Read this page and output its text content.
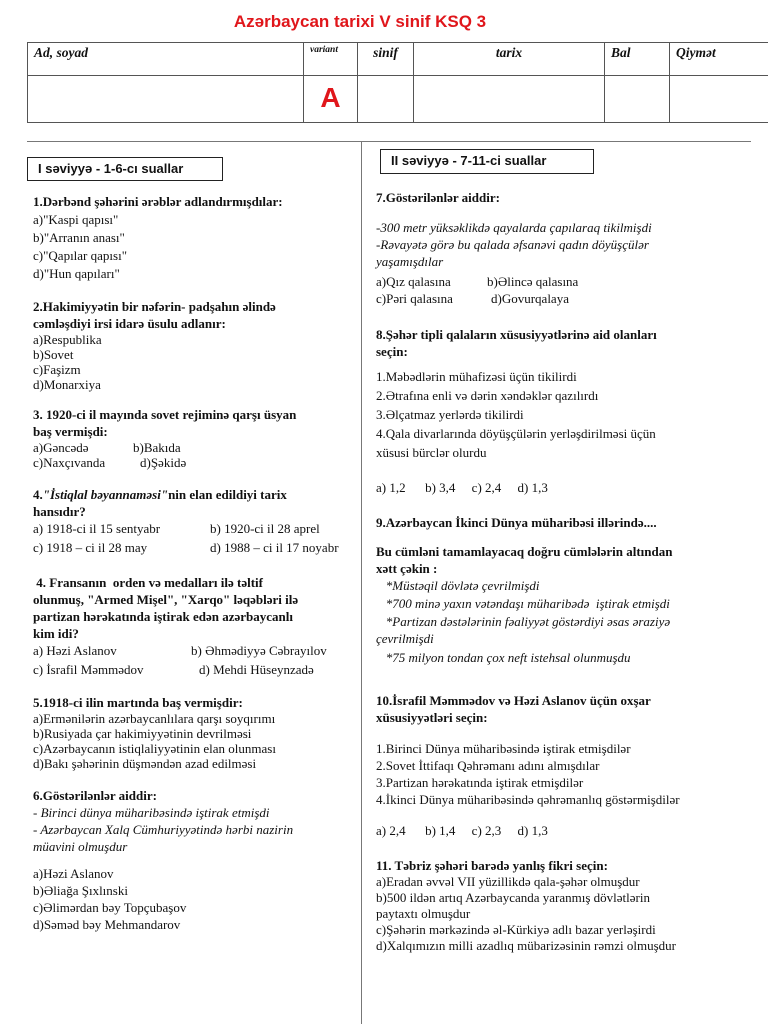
Azərbaycan tarixi V sinif KSQ 3
Ad, soyad	variant	sinif	tarix	Bal	Qiymət

	A				

I səviyyə - 1-6-cı suallar
1.Dərbənd şəhərini ərəblər adlandırmışdılar:
a)"Kaspi qapısı"
b)"Arranın anası"
c)"Qapılar qapısı"
d)"Hun qapıları"
2.Hakimiyyətin bir nəfərin- padşahın əlində
cəmləşdiyi irsi idarə üsulu adlanır:
a)Respublika
b)Sovet
c)Faşizm
d)Monarxiya
3. 1920-ci il mayında sovet rejiminə qarşı üsyan
baş vermişdi:
a)Gəncədə	b)Bakıda
c)Naxçıvanda	d)Şəkidə
4."İstiqlal bəyannaməsi"nin elan edildiyi tarix
hansıdır?
a) 1918-ci il 15 sentyabr	b) 1920-ci il 28 aprel
c) 1918 – ci il 28 may	d) 1988 – ci il 17 noyabr
4. Fransanın  orden və medalları ilə təltif
olunmuş, "Armed Mişel", "Xarqo" ləqəbləri ilə
partizan hərəkatında iştirak edən azərbaycanlı
kim idi?
a) Həzi Aslanov	b) Əhmədiyyə Cəbrayılov
c) İsrafil Məmmədov	d) Mehdi Hüseynzadə
5.1918-ci ilin martında baş vermişdir:
a)Ermənilərin azərbaycanlılara qarşı soyqırımı
b)Rusiyada çar hakimiyyətinin devrilməsi
c)Azərbaycanın istiqlaliyyətinin elan olunması
d)Bakı şəhərinin düşməndən azad edilməsi
6.Göstərilənlər aiddir:
- Birinci dünya müharibəsində iştirak etmişdi
- Azərbaycan Xalq Cümhuriyyətində hərbi nazirin
müavini olmuşdur
a)Həzi Aslanov
b)Əliağa Şıxlınski
c)Əlimərdan bəy Topçubaşov
d)Səməd bəy Mehmandarov
II səviyyə - 7-11-ci suallar
7.Göstərilənlər aiddir:
-300 metr yüksəklikdə qayalarda çapılaraq tikilmişdi
-Rəvayətə görə bu qalada əfsanəvi qadın döyüşçülər
yaşamışdılar
a)Qız qalasına	b)Əlincə qalasına
c)Pəri qalasına	d)Govurqalaya
8.Şəhər tipli qalaların xüsusiyyətlərinə aid olanları
seçin:
1.Məbədlərin mühafizəsi üçün tikilirdi
2.Ətrafına enli və dərin xəndəklər qazılırdı
3.Əlçatmaz yerlərdə tikilirdi
4.Qala divarlarında döyüşçülərin yerləşdirilməsi üçün
xüsusi bürclər olurdu
a) 1,2      b) 3,4     c) 2,4     d) 1,3
9.Azərbaycan İkinci Dünya müharibəsi illərində....
Bu cümləni tamamlayacaq doğru cümlələrin altından
xətt çəkin :
*Müstəqil dövlətə çevrilmişdi
*700 minə yaxın vətəndaşı müharibədə  iştirak etmişdi
*Partizan dəstələrinin fəaliyyət göstərdiyi əsas əraziyə
çevrilmişdi
*75 milyon tondan çox neft istehsal olunmuşdu
10.İsrafil Məmmədov və Həzi Aslanov üçün oxşar
xüsusiyyətləri seçin:
1.Birinci Dünya müharibəsində iştirak etmişdilər
2.Sovet İttifaqı Qəhrəmanı adını almışdılar
3.Partizan hərəkatında iştirak etmişdilər
4.İkinci Dünya müharibəsində qəhrəmanlıq göstərmişdilər
a) 2,4      b) 1,4     c) 2,3     d) 1,3
11. Təbriz şəhəri barədə yanlış fikri seçin:
a)Eradan əvvəl VII yüzillikdə qala-şəhər olmuşdur
b)500 ildən artıq Azərbaycanda yaranmış dövlətlərin
paytaxtı olmuşdur
c)Şəhərin mərkəzində əl-Kürkiyə adlı bazar yerləşirdi
d)Xalqımızın milli azadlıq mübarizəsinin rəmzi olmuşdur
